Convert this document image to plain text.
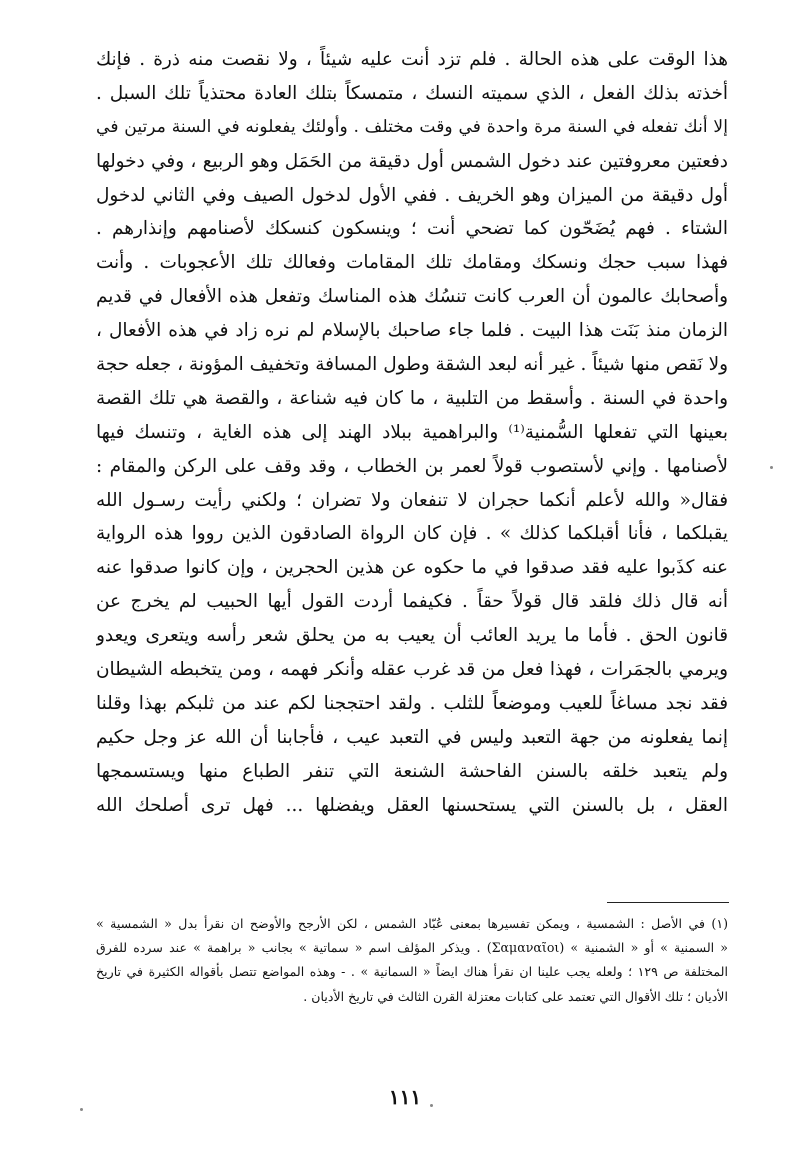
هذا الوقت على هذه الحالة . فلم تزد أنت عليه شيئاً ، ولا نقصت منه ذرة . فإنك
أخذته بذلك الفعل ، الذي سميته النسك ، متمسكاً بتلك العادة محتذياً تلك السبل .
إلا أنك تفعله في السنة مرة واحدة في وقت مختلف . وأولئك يفعلونه في السنة مرتين في
دفعتين معروفتين عند دخول الشمس أول دقيقة من الحَمَل وهو الربيع ، وفي دخولها
أول دقيقة من الميزان وهو الخريف . ففي الأول لدخول الصيف وفي الثاني لدخول
الشتاء . فهم يُضَحّون كما تضحي أنت ؛ وينسكون كنسكك لأصنامهم وإنذارهم .
فهذا سبب حجك ونسكك ومقامك تلك المقامات وفعالك تلك الأعجوبات . وأنت
وأصحابك عالمون أن العرب كانت تنسُك هذه المناسك وتفعل هذه الأفعال في قديم
الزمان منذ بَنَت هذا البيت . فلما جاء صاحبك بالإسلام لم نره زاد في هذه الأفعال ،
ولا نَقص منها شيئاً . غير أنه لبعد الشقة وطول المسافة وتخفيف المؤونة ، جعله حجة
واحدة في السنة . وأسقط من التلبية ، ما كان فيه شناعة ، والقصة هي تلك القصة
بعينها التي تفعلها السُّمنية⁽¹⁾ والبراهمية ببلاد الهند إلى هذه الغاية ، وتنسك فيها
لأصنامها . وإني لأستصوب قولاً لعمر بن الخطاب ، وقد وقف على الركن والمقام :
فقال« والله لأعلم أنكما حجران لا تنفعان ولا تضران ؛ ولكني رأيت رسـول الله
يقبلكما ، فأنا أقبلكما كذلك » . فإن كان الرواة الصادقون الذين رووا هذه الرواية
عنه كذَبوا عليه فقد صدقوا في ما حكوه عن هذين الحجرين ، وإن كانوا صدقوا عنه
أنه قال ذلك فلقد قال قولاً حقاً . فكيفما أردت القول أيها الحبيب لم يخرج عن
قانون الحق . فأما ما يريد العائب أن يعيب به من يحلق شعر رأسه ويتعرى ويعدو
ويرمي بالجمَرات ، فهذا فعل من قد غرب عقله وأنكر فهمه ، ومن يتخبطه الشيطان
فقد نجد مساغاً للعيب وموضعاً للثلب . ولقد احتججنا لكم عند من ثلبكم بهذا وقلنا
إنما يفعلونه من جهة التعبد وليس في التعبد عيب ، فأجابنا أن الله عز وجل حكيم
ولم يتعبد خلقه بالسنن الفاحشة الشنعة التي تنفر الطباع منها ويستسمجها
العقل ، بل بالسنن التي يستحسنها العقل ويفضلها ... فهل ترى أصلحك الله
(١) في الأصل : الشمسية ، ويمكن تفسيرها بمعنى عُبّاد الشمس ، لكن الأرجح والأوضح ان نقرأ بدل « الشمسية »
« السمنية » أو « الشمنية » (Σαμαναῖοι) . ويذكر المؤلف اسم « سماتية » بجانب « براهمة » عند سرده للفرق
المختلفة ص ١٢٩ ؛ ولعله يجب علينا ان نقرأ هناك ايضاً « السمانية » . - وهذه المواضع تتصل بأقواله الكثيرة في تاريخ
الأديان ؛ تلك الأقوال التي تعتمد على كتابات معتزلة القرن الثالث في تاريخ الأديان .
١١١
